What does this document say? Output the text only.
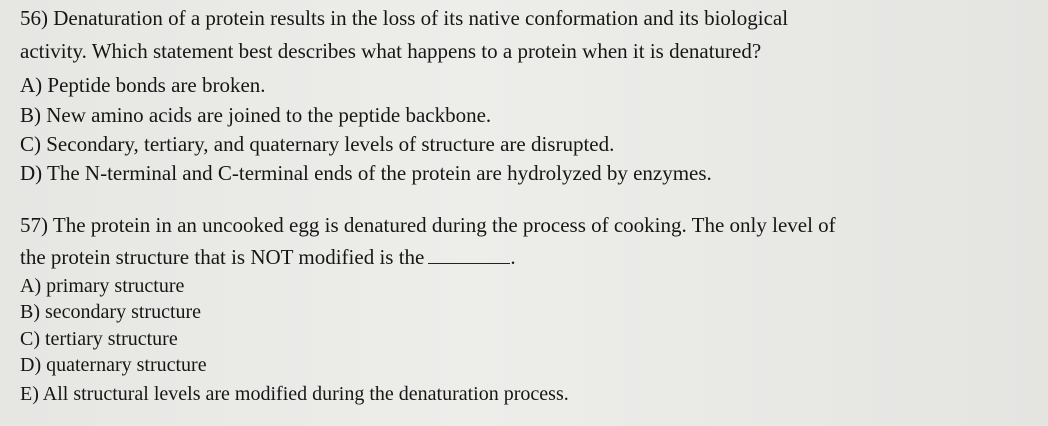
56) Denaturation of a protein results in the loss of its native conformation and its biological
activity. Which statement best describes what happens to a protein when it is denatured?
A) Peptide bonds are broken.
B) New amino acids are joined to the peptide backbone.
C) Secondary, tertiary, and quaternary levels of structure are disrupted.
D) The N-terminal and C-terminal ends of the protein are hydrolyzed by enzymes.
57) The protein in an uncooked egg is denatured during the process of cooking. The only level of
the protein structure that is NOT modified is the	.
A) primary structure
B) secondary structure
C) tertiary structure
D) quaternary structure
E) All structural levels are modified during the denaturation process.
